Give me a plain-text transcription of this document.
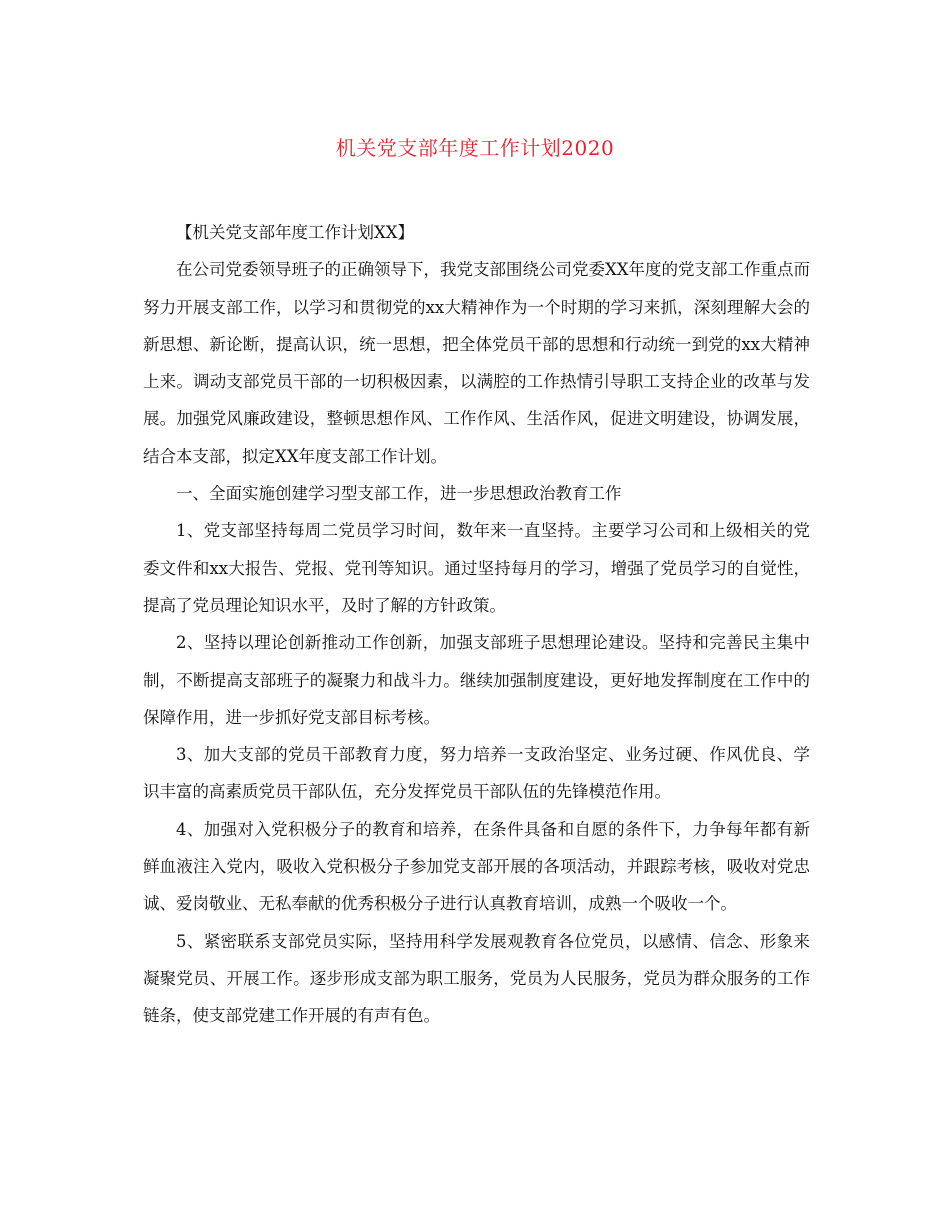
机关党支部年度工作计划2020

【机关党支部年度工作计划XX】

在公司党委领导班子的正确领导下，我党支部围绕公司党委XX年度的党支部工作重点而努力开展支部工作，以学习和贯彻党的xx大精神作为一个时期的学习来抓，深刻理解大会的新思想、新论断，提高认识，统一思想，把全体党员干部的思想和行动统一到党的xx大精神上来。调动支部党员干部的一切积极因素，以满腔的工作热情引导职工支持企业的改革与发展。加强党风廉政建设，整顿思想作风、工作作风、生活作风，促进文明建设，协调发展，结合本支部，拟定XX年度支部工作计划。

一、全面实施创建学习型支部工作，进一步思想政治教育工作

1、党支部坚持每周二党员学习时间，数年来一直坚持。主要学习公司和上级相关的党委文件和xx大报告、党报、党刊等知识。通过坚持每月的学习，增强了党员学习的自觉性，提高了党员理论知识水平，及时了解的方针政策。

2、坚持以理论创新推动工作创新，加强支部班子思想理论建设。坚持和完善民主集中制，不断提高支部班子的凝聚力和战斗力。继续加强制度建设，更好地发挥制度在工作中的保障作用，进一步抓好党支部目标考核。

3、加大支部的党员干部教育力度，努力培养一支政治坚定、业务过硬、作风优良、学识丰富的高素质党员干部队伍，充分发挥党员干部队伍的先锋模范作用。

4、加强对入党积极分子的教育和培养，在条件具备和自愿的条件下，力争每年都有新鲜血液注入党内，吸收入党积极分子参加党支部开展的各项活动，并跟踪考核，吸收对党忠诚、爱岗敬业、无私奉献的优秀积极分子进行认真教育培训，成熟一个吸收一个。

5、紧密联系支部党员实际，坚持用科学发展观教育各位党员，以感情、信念、形象来凝聚党员、开展工作。逐步形成支部为职工服务，党员为人民服务，党员为群众服务的工作链条，使支部党建工作开展的有声有色。
